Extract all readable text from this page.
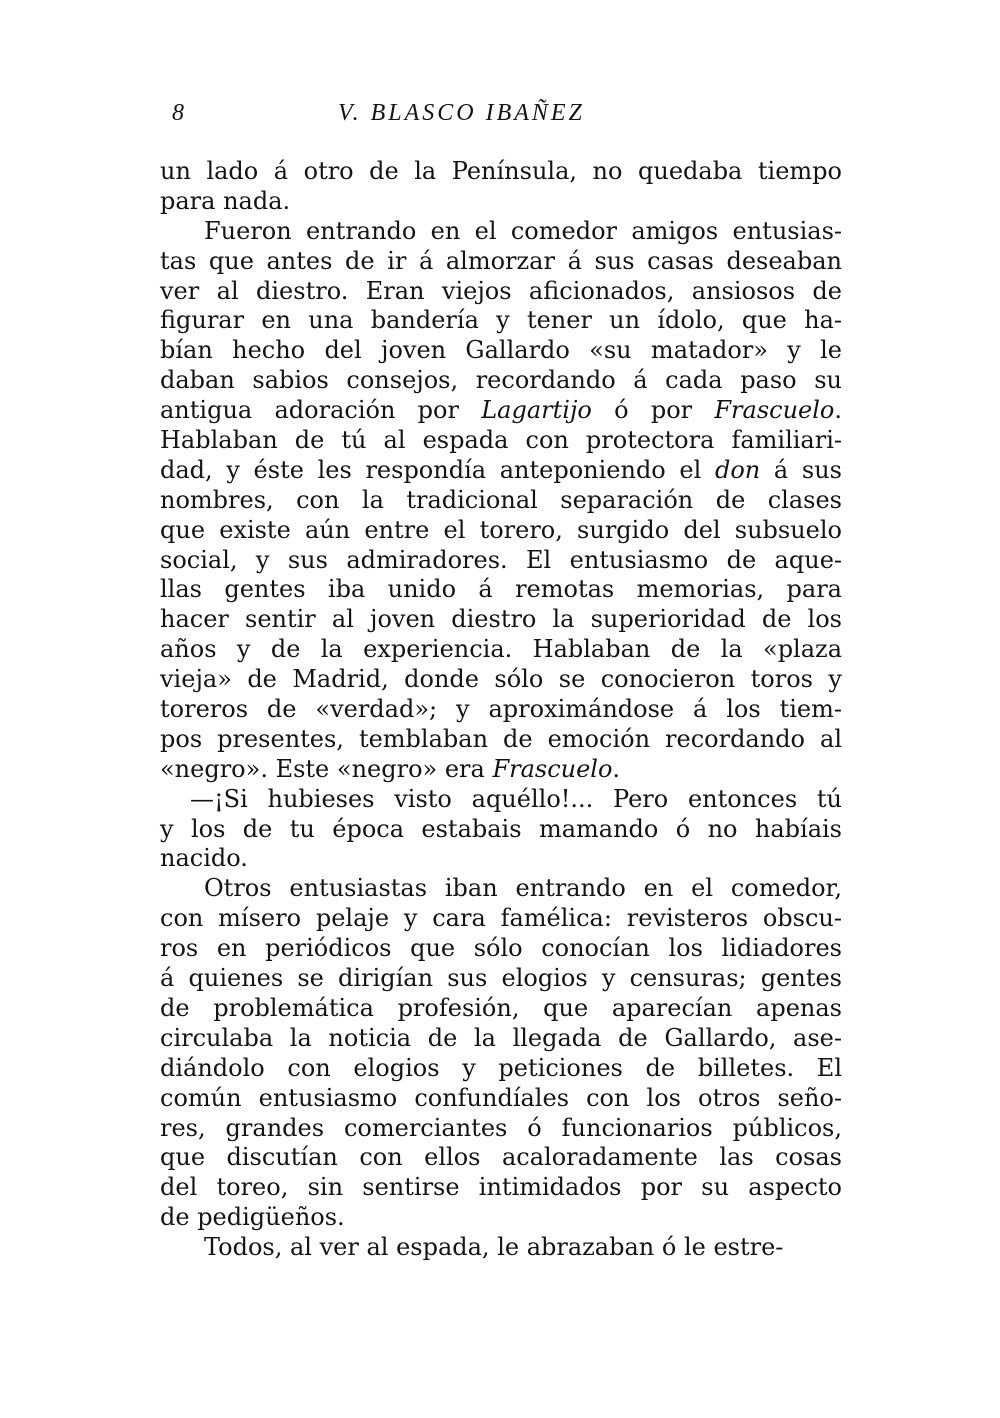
8	V. BLASCO IBAÑEZ
un lado á otro de la Península, no quedaba tiempo
para nada.
Fueron entrando en el comedor amigos entusias-
tas que antes de ir á almorzar á sus casas deseaban
ver al diestro. Eran viejos aficionados, ansiosos de
figurar en una bandería y tener un ídolo, que ha-
bían hecho del joven Gallardo «su matador» y le
daban sabios consejos, recordando á cada paso su
antigua adoración por Lagartijo ó por Frascuelo.
Hablaban de tú al espada con protectora familiari-
dad, y éste les respondía anteponiendo el don á sus
nombres, con la tradicional separación de clases
que existe aún entre el torero, surgido del subsuelo
social, y sus admiradores. El entusiasmo de aque-
llas gentes iba unido á remotas memorias, para
hacer sentir al joven diestro la superioridad de los
años y de la experiencia. Hablaban de la «plaza
vieja» de Madrid, donde sólo se conocieron toros y
toreros de «verdad»; y aproximándose á los tiem-
pos presentes, temblaban de emoción recordando al
«negro». Este «negro» era Frascuelo.
—¡Si hubieses visto aquéllo!... Pero entonces tú
y los de tu época estabais mamando ó no habíais
nacido.
Otros entusiastas iban entrando en el comedor,
con mísero pelaje y cara famélica: revisteros obscu-
ros en periódicos que sólo conocían los lidiadores
á quienes se dirigían sus elogios y censuras; gentes
de problemática profesión, que aparecían apenas
circulaba la noticia de la llegada de Gallardo, ase-
diándolo con elogios y peticiones de billetes. El
común entusiasmo confundíales con los otros seño-
res, grandes comerciantes ó funcionarios públicos,
que discutían con ellos acaloradamente las cosas
del toreo, sin sentirse intimidados por su aspecto
de pedigüeños.
Todos, al ver al espada, le abrazaban ó le estre-
